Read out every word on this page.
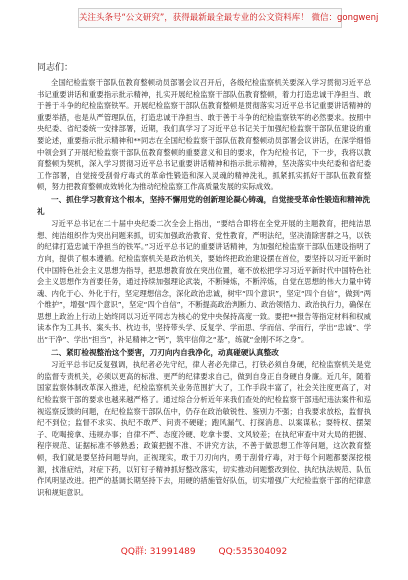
关注头条号“公文研究”，获得最新最全最专业的公文资料库！ 微信：gongwenj

同志们：

全国纪检监察干部队伍教育整顿动员部署会议召开后，各级纪检监察机关要深入学习贯彻习近平总书记重要讲话和重要指示批示精神，扎实开展纪检监察干部队伍教育整顿，着力打造忠诚干净担当、敢于善于斗争的纪检监察铁军。开展纪检监察干部队伍教育整顿是贯彻落实习近平总书记重要讲话精神的重要举措，也是从严管理队伍，打造忠诚干净担当、敢于善于斗争的纪检监察铁军的必然要求。按照中央纪委、省纪委统一安排部署，近期，我们真学习了习近平总书记关于加强纪检监察干部队伍建设的重要论述，重要指示批示精神和**同志在全国纪检监察干部队伍教育整顿动员部署会议讲话，在深学细悟中领会到了开展纪检监察干部队伍教育整顿的重要意义和目的要求，作为纪检书记，下一步，我将以教育整顿为契机，深入学习贯彻习近平总书记重要讲话精神和指示批示精神，坚决落实中央纪委和省纪委工作部署，自觉接受刮骨疗毒式的革命性锻造和深入灵魂的精神洗礼，抓紧抓实抓好干部队伍教育整顿，努力把教育整顿成效转化为推动纪检监察工作高质量发展的实际成效。

一、抓住学习教育这个根本，坚持不懈用党的创新理论凝心铸魂，自觉接受革命性锻造和精神洗礼

习近平总书记在二十届中央纪委二次全会上指出，“要结合即将在全党开展的主题教育，把纯洁思想、纯洁组织作为突出问题来抓，切实加强政治教育、党性教育，严明法纪，坚决清除害群之马，以铁的纪律打造忠诚干净担当的铁军。”习近平总书记的重要讲话精神，为加强纪检监察干部队伍建设指明了方向，提供了根本遵循。纪检监察机关是政治机关，要始终把政治建设摆在首位，要坚持以习近平新时代中国特色社会主义思想为指导，把思想教育放在突出位置，毫不放松把学习习近平新时代中国特色社会主义思想作为首要任务，通过持续加强理论武装，不断锤炼，不断淬炼，自觉在思想的伟大力量中铸魂、内化于心、外化于行，坚定理想信念，深化政治忠诚，树牢“四个意识”，坚定“四个自信”，做到“两个维护”，增强“四个意识”，坚定“四个自信”，不断提高政治判断力、政治领悟力、政治执行力，确保在思想上政治上行动上始终同以习近平同志为核心的党中央保持高度一致。要把**报告等指定材料和权威读本作为工具书、案头书、枕边书，坚持带头学、反复学、学而思、学而信、学而行，学出“忠诚”、学出“干净”、学出“担当”，补足精神之“钙”，筑牢信仰之“基”，练就“金刚不坏之身”。

二、紧盯检视整治这个要害，刀刃向内自我净化，动真碰硬认真整改

习近平总书记反复强调，执纪者必先守纪，律人者必先律己，打铁必须自身硬，纪检监察机关是党的监督专责机关，必须以更高的标准、更严的纪律要求自己，做到自身正自身硬自身廉。近几年，随着国家监察体制改革深入推进，纪检监察机关业务范围扩大了，工作手段丰富了，社会关注度更高了，对纪检监察干部的要求也越来越严格了。通过综合分析近年来我们查处的纪检监察干部违纪违法案件和巡视巡察反馈的问题，在纪检监察干部队伍中，仍存在政治敏锐性、鉴别力不强；自我要求放松，监督执纪不到位；监督不求实、执纪不敢严、问责不硬碰；跑风漏气、打探消息、以案谋私；耍特权、摆架子、吃喝接拿、违规办事；自律不严、态度冷硬、吃拿卡要、文风较差；在执纪审查中对大局的把握、程序规范、证据标准不够熟悉；政策把握不准、不讲究方法，不善于做思想工作等问题，这次教育整顿，我们就是要坚持问题导向，正视现实，敢于刀刃向内，勇于刮骨疗毒，对于每个问题都要深挖根源，找准症结，对症下药，以钉钉子精神抓好整改落实，切实推动问题整改到位、执纪执法规范、队伍作风明显改进。把严的基调长期坚持下去，用硬的措施管好队伍，切实增强广大纪检监察干部的纪律意识和规矩意识。

QQ群: 31991489	QQ:535304092
